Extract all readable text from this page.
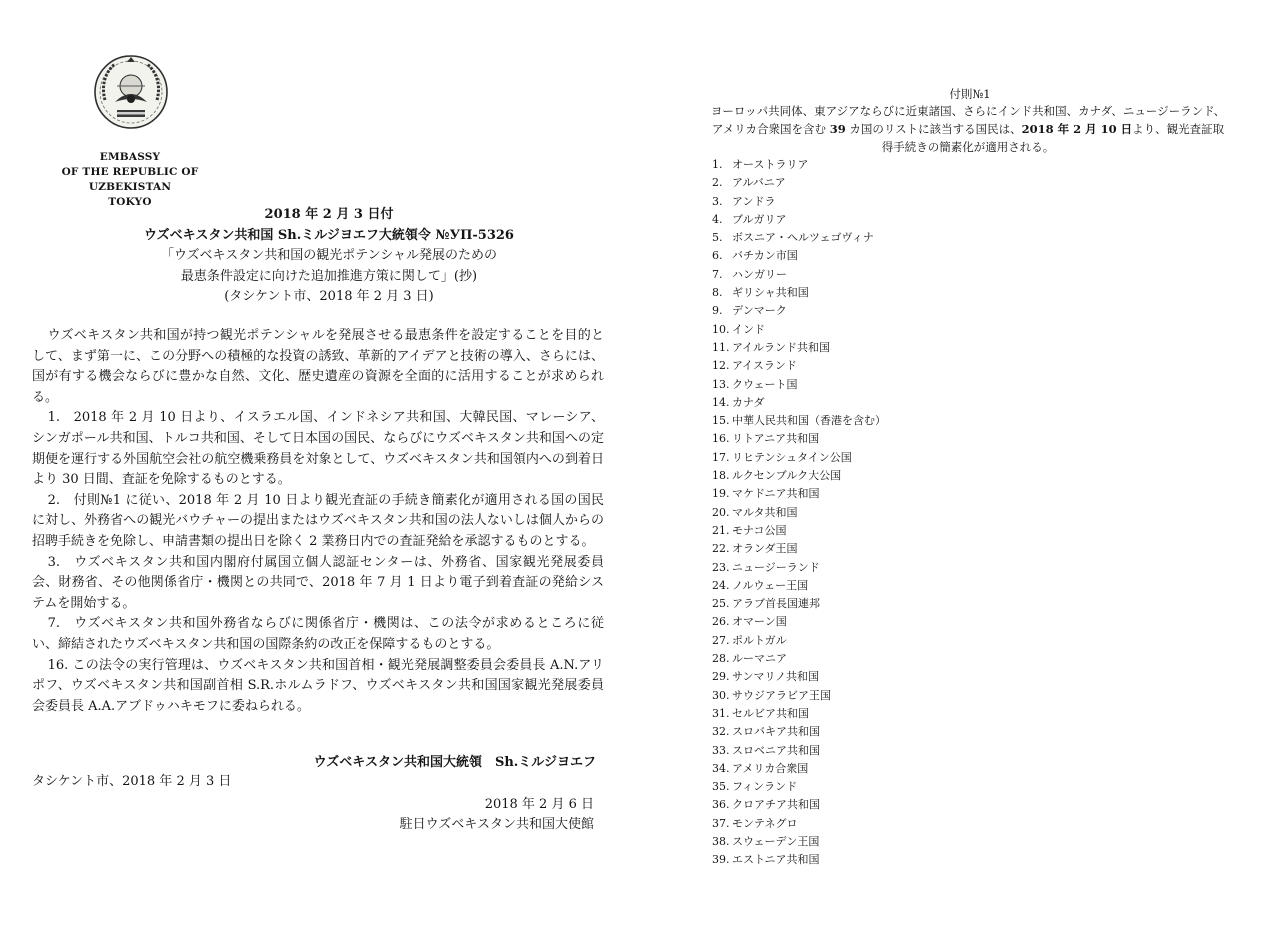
EMBASSY
OF THE REPUBLIC OF UZBEKISTAN
TOKYO
2018 年 2 月 3 日付
ウズベキスタン共和国 Sh.ミルジヨエフ大統領令 №УП-5326
「ウズベキスタン共和国の観光ポテンシャル発展のための
最恵条件設定に向けた追加推進方策に関して」(抄)
(タシケント市、2018 年 2 月 3 日)

ウズベキスタン共和国が持つ観光ポテンシャルを発展させる最恵条件を設定することを目的として、まず第一に、この分野への積極的な投資の誘致、革新的アイデアと技術の導入、さらには、国が有する機会ならびに豊かな自然、文化、歴史遺産の資源を全面的に活用することが求められる。

1.　2018 年 2 月 10 日より、イスラエル国、インドネシア共和国、大韓民国、マレーシア、シンガポール共和国、トルコ共和国、そして日本国の国民、ならびにウズベキスタン共和国への定期便を運行する外国航空会社の航空機乗務員を対象として、ウズベキスタン共和国領内への到着日より 30 日間、査証を免除するものとする。

2.　付則№1 に従い、2018 年 2 月 10 日より観光査証の手続き簡素化が適用される国の国民に対し、外務省への観光バウチャーの提出またはウズベキスタン共和国の法人ないしは個人からの招聘手続きを免除し、申請書類の提出日を除く 2 業務日内での査証発給を承認するものとする。

3.　ウズベキスタン共和国内閣府付属国立個人認証センターは、外務省、国家観光発展委員会、財務省、その他関係省庁・機関との共同で、2018 年 7 月 1 日より電子到着査証の発給システムを開始する。

7.　ウズベキスタン共和国外務省ならびに関係省庁・機関は、この法令が求めるところに従い、締結されたウズベキスタン共和国の国際条約の改正を保障するものとする。

16. この法令の実行管理は、ウズベキスタン共和国首相・観光発展調整委員会委員長 A.N.アリポフ、ウズベキスタン共和国副首相 S.R.ホルムラドフ、ウズベキスタン共和国国家観光発展委員会委員長 A.A.アブドゥハキモフに委ねられる。

ウズベキスタン共和国大統領　Sh.ミルジヨエフ
タシケント市、2018 年 2 月 3 日
2018 年 2 月 6 日
駐日ウズベキスタン共和国大使館
付則№1
ヨーロッパ共同体、東アジアならびに近東諸国、さらにインド共和国、カナダ、ニュージーランド、アメリカ合衆国を含む 39 カ国のリストに該当する国民は、2018 年 2 月 10 日より、観光査証取得手続きの簡素化が適用される。
1. オーストラリア
2. アルバニア
3. アンドラ
4. ブルガリア
5. ボスニア・ヘルツェゴヴィナ
6. バチカン市国
7. ハンガリー
8. ギリシャ共和国
9. デンマーク
10. インド
11. アイルランド共和国
12. アイスランド
13. クウェート国
14. カナダ
15. 中華人民共和国（香港を含む）
16. リトアニア共和国
17. リヒテンシュタイン公国
18. ルクセンブルク大公国
19. マケドニア共和国
20. マルタ共和国
21. モナコ公国
22. オランダ王国
23. ニュージーランド
24. ノルウェー王国
25. アラブ首長国連邦
26. オマーン国
27. ポルトガル
28. ルーマニア
29. サンマリノ共和国
30. サウジアラビア王国
31. セルビア共和国
32. スロバキア共和国
33. スロベニア共和国
34. アメリカ合衆国
35. フィンランド
36. クロアチア共和国
37. モンテネグロ
38. スウェーデン王国
39. エストニア共和国
